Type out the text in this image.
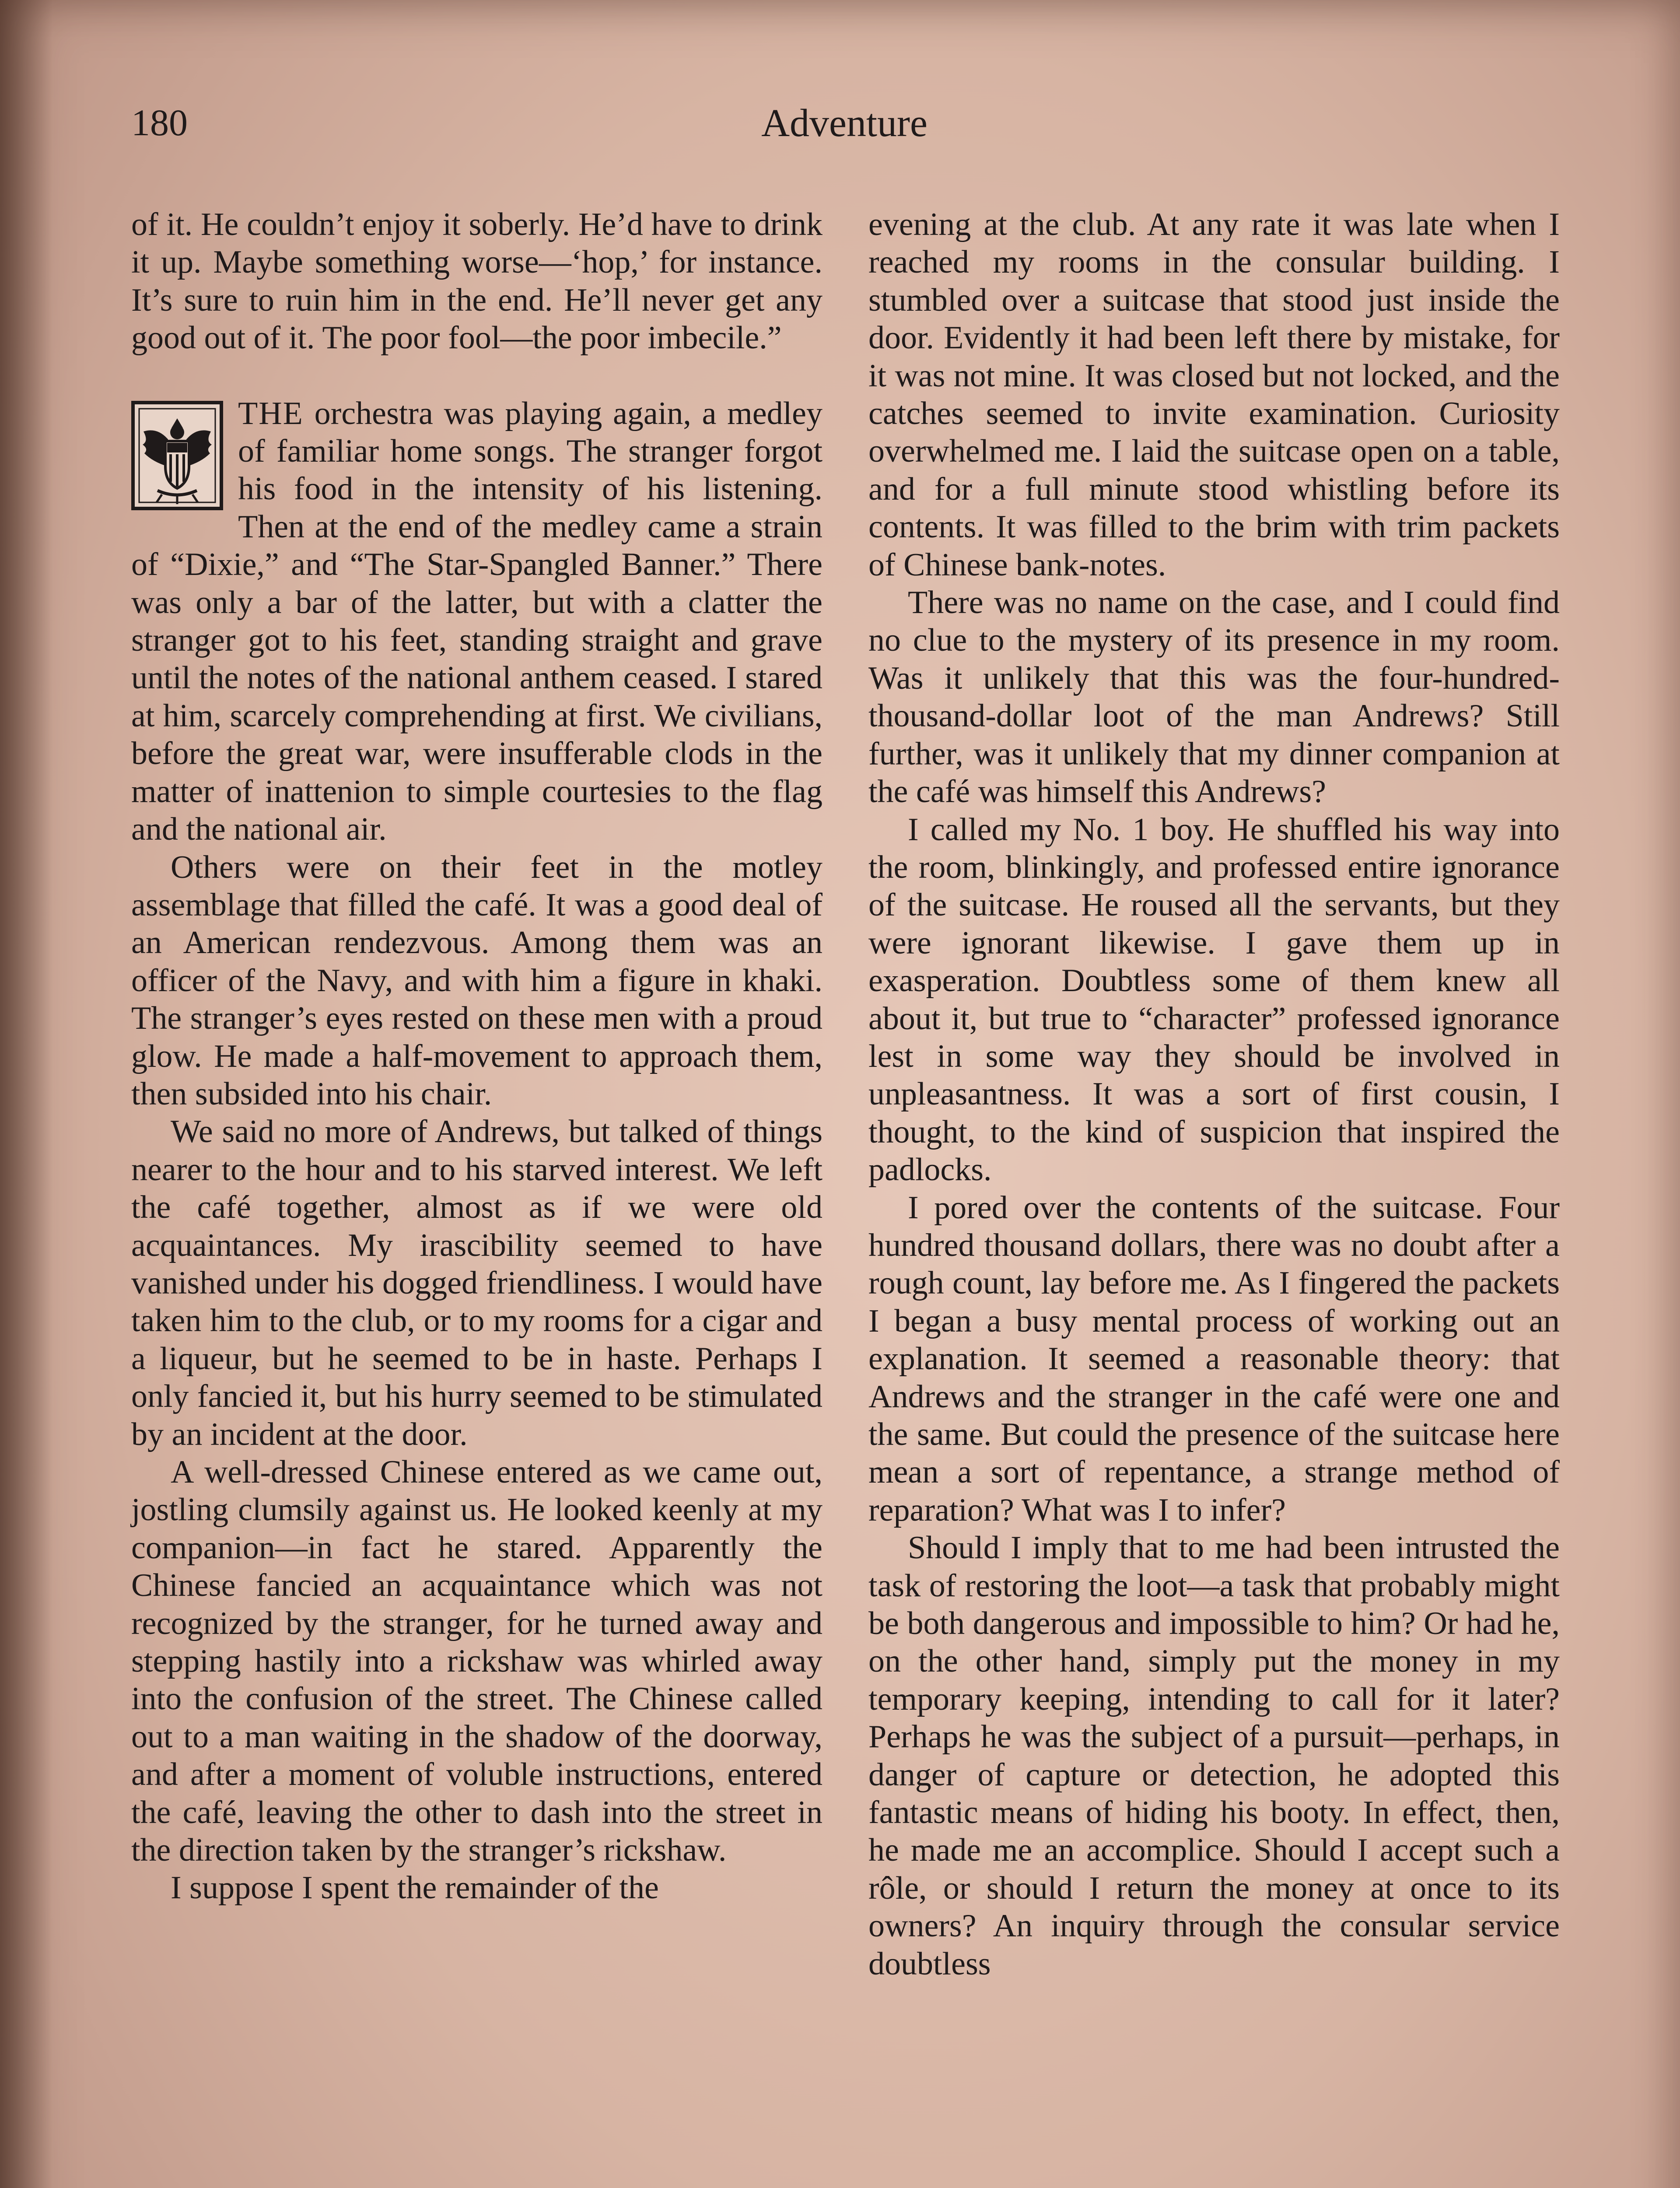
180	Adventure

of it. He couldn’t enjoy it soberly. He’d have to drink it up. Maybe something worse—‘hop,’ for instance. It’s sure to ruin him in the end. He’ll never get any good out of it. The poor fool—the poor imbecile.”

THE orchestra was playing again, a medley of familiar home songs. The stranger forgot his food in the intensity of his listening. Then at the end of the medley came a strain of “Dixie,” and “The Star-Spangled Banner.” There was only a bar of the latter, but with a clatter the stranger got to his feet, standing straight and grave until the notes of the national anthem ceased. I stared at him, scarcely comprehending at first. We civilians, before the great war, were insufferable clods in the matter of inattenion to simple courtesies to the flag and the national air.

Others were on their feet in the motley assemblage that filled the café. It was a good deal of an American rendezvous. Among them was an officer of the Navy, and with him a figure in khaki. The stranger’s eyes rested on these men with a proud glow. He made a half-movement to approach them, then subsided into his chair.

We said no more of Andrews, but talked of things nearer to the hour and to his starved interest. We left the café together, almost as if we were old acquaintances. My irascibility seemed to have vanished under his dogged friendliness. I would have taken him to the club, or to my rooms for a cigar and a liqueur, but he seemed to be in haste. Perhaps I only fancied it, but his hurry seemed to be stimulated by an incident at the door.

A well-dressed Chinese entered as we came out, jostling clumsily against us. He looked keenly at my companion—in fact he stared. Apparently the Chinese fancied an acquaintance which was not recognized by the stranger, for he turned away and stepping hastily into a rickshaw was whirled away into the confusion of the street. The Chinese called out to a man waiting in the shadow of the doorway, and after a moment of voluble instructions, entered the café, leaving the other to dash into the street in the direction taken by the stranger’s rickshaw.

I suppose I spent the remainder of the

evening at the club. At any rate it was late when I reached my rooms in the consular building. I stumbled over a suitcase that stood just inside the door. Evidently it had been left there by mistake, for it was not mine. It was closed but not locked, and the catches seemed to invite examination. Curiosity overwhelmed me. I laid the suitcase open on a table, and for a full minute stood whistling before its contents. It was filled to the brim with trim packets of Chinese bank-notes.

There was no name on the case, and I could find no clue to the mystery of its presence in my room. Was it unlikely that this was the four-hundred-thousand-dollar loot of the man Andrews? Still further, was it unlikely that my dinner companion at the café was himself this Andrews?

I called my No. 1 boy. He shuffled his way into the room, blinkingly, and professed entire ignorance of the suitcase. He roused all the servants, but they were ignorant likewise. I gave them up in exasperation. Doubtless some of them knew all about it, but true to “character” professed ignorance lest in some way they should be involved in unpleasantness. It was a sort of first cousin, I thought, to the kind of suspicion that inspired the padlocks.

I pored over the contents of the suitcase. Four hundred thousand dollars, there was no doubt after a rough count, lay before me. As I fingered the packets I began a busy mental process of working out an explanation. It seemed a reasonable theory: that Andrews and the stranger in the café were one and the same. But could the presence of the suitcase here mean a sort of repentance, a strange method of reparation? What was I to infer?

Should I imply that to me had been intrusted the task of restoring the loot—a task that probably might be both dangerous and impossible to him? Or had he, on the other hand, simply put the money in my temporary keeping, intending to call for it later? Perhaps he was the subject of a pursuit—perhaps, in danger of capture or detection, he adopted this fantastic means of hiding his booty. In effect, then, he made me an accomplice. Should I accept such a rôle, or should I return the money at once to its owners? An inquiry through the consular service doubtless
